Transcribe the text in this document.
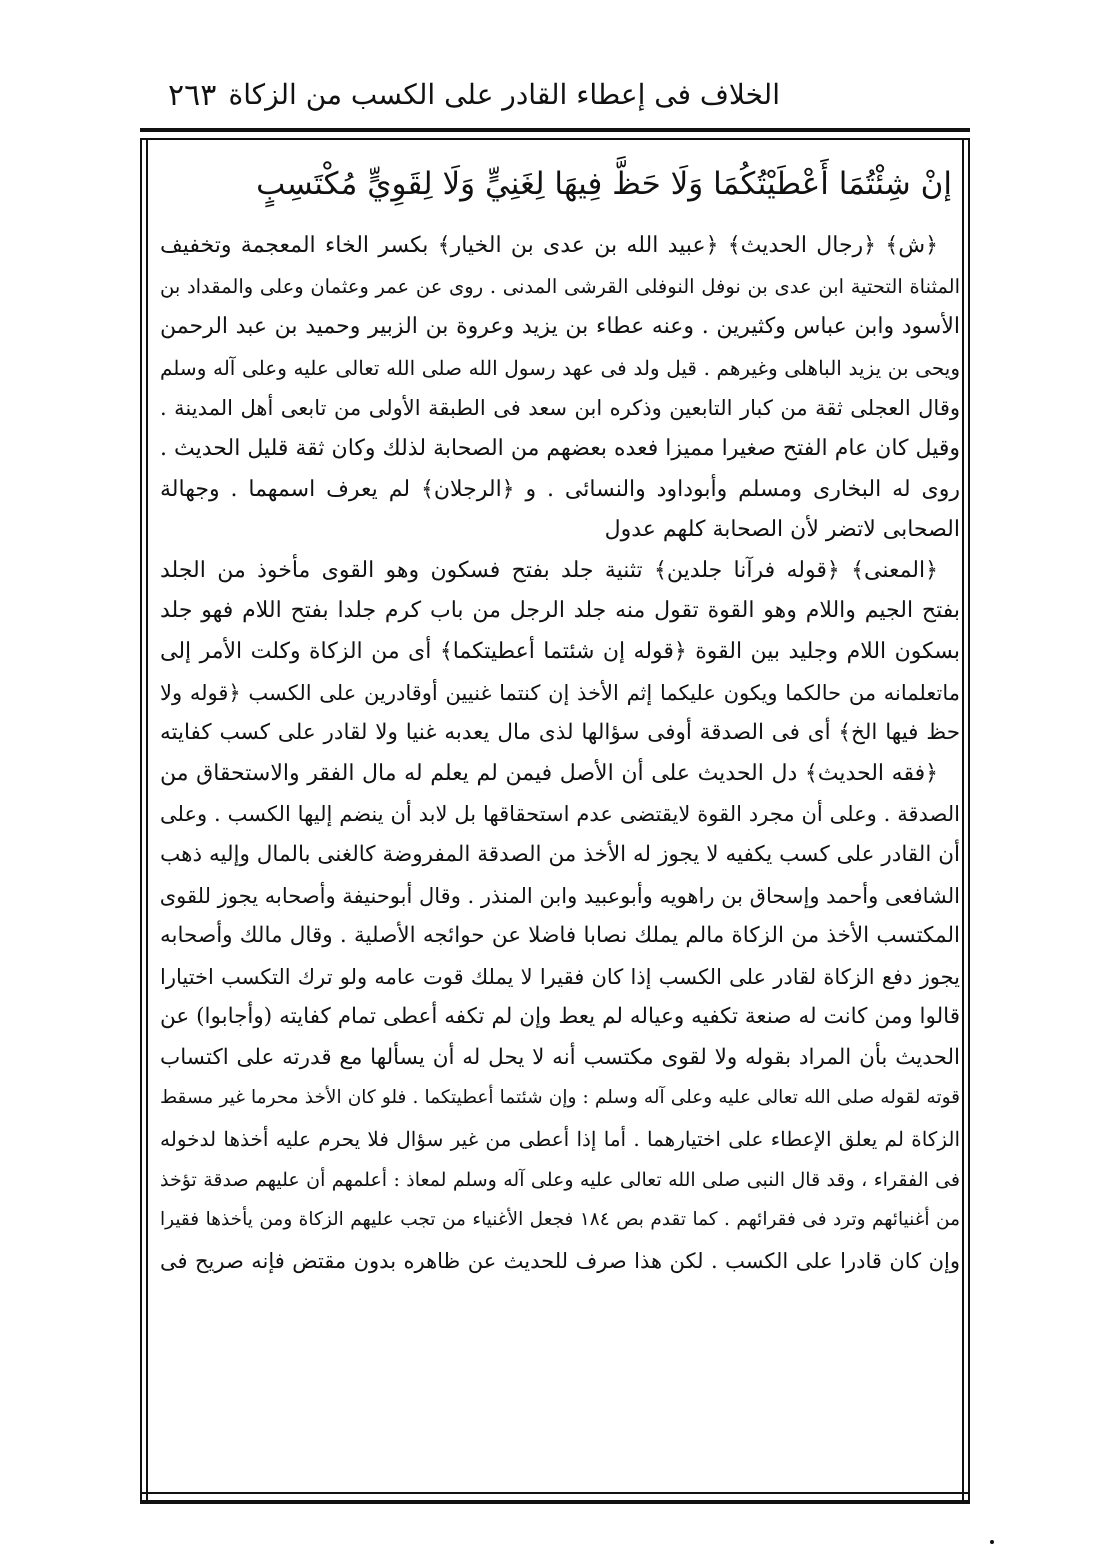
الخلاف فى إعطاء القادر على الكسب من الزكاة
٢٦٣
إنْ شِئْتُمَا أَعْطَيْتُكُمَا وَلَا حَظَّ فِيهَا لِغَنِيٍّ وَلَا لِقَوِيٍّ مُكْتَسِبٍ
﴿ش﴾ ﴿رجال الحديث﴾ ﴿عبيد الله بن عدى بن الخيار﴾ بكسر الخاء المعجمة وتخفيف
المثناة التحتية ابن عدى بن نوفل النوفلى القرشى المدنى . روى عن عمر وعثمان وعلى والمقداد بن
الأسود وابن عباس وكثيرين . وعنه عطاء بن يزيد وعروة بن الزبير وحميد بن عبد الرحمن
ويحى بن يزيد الباهلى وغيرهم . قيل ولد فى عهد رسول الله صلى الله تعالى عليه وعلى آله وسلم
وقال العجلى ثقة من كبار التابعين وذكره ابن سعد فى الطبقة الأولى من تابعى أهل المدينة .
وقيل كان عام الفتح صغيرا مميزا فعده بعضهم من الصحابة لذلك وكان ثقة قليل الحديث .
روى له البخارى ومسلم وأبوداود والنسائى . و ﴿الرجلان﴾ لم يعرف اسمهما . وجهالة
الصحابى لاتضر لأن الصحابة كلهم عدول
﴿المعنى﴾ ﴿قوله فرآنا جلدين﴾ تثنية جلد بفتح فسكون وهو القوى مأخوذ من الجلد
بفتح الجيم واللام وهو القوة تقول منه جلد الرجل من باب كرم جلدا بفتح اللام فهو جلد
بسكون اللام وجليد بين القوة ﴿قوله إن شئتما أعطيتكما﴾ أى من الزكاة وكلت الأمر إلى
ماتعلمانه من حالكما ويكون عليكما إثم الأخذ إن كنتما غنيين أوقادرين على الكسب ﴿قوله ولا
حظ فيها الخ﴾ أى فى الصدقة أوفى سؤالها لذى مال يعدبه غنيا ولا لقادر على كسب كفايته
﴿فقه الحديث﴾ دل الحديث على أن الأصل فيمن لم يعلم له مال الفقر والاستحقاق من
الصدقة . وعلى أن مجرد القوة لايقتضى عدم استحقاقها بل لابد أن ينضم إليها الكسب . وعلى
أن القادر على كسب يكفيه لا يجوز له الأخذ من الصدقة المفروضة كالغنى بالمال وإليه ذهب
الشافعى وأحمد وإسحاق بن راهويه وأبوعبيد وابن المنذر . وقال أبوحنيفة وأصحابه يجوز للقوى
المكتسب الأخذ من الزكاة مالم يملك نصابا فاضلا عن حوائجه الأصلية . وقال مالك وأصحابه
يجوز دفع الزكاة لقادر على الكسب إذا كان فقيرا لا يملك قوت عامه ولو ترك التكسب اختيارا
قالوا ومن كانت له صنعة تكفيه وعياله لم يعط وإن لم تكفه أعطى تمام كفايته (وأجابوا) عن
الحديث بأن المراد بقوله ولا لقوى مكتسب أنه لا يحل له أن يسألها مع قدرته على اكتساب
قوته لقوله صلى الله تعالى عليه وعلى آله وسلم : وإن شئتما أعطيتكما . فلو كان الأخذ محرما غير مسقط
الزكاة لم يعلق الإعطاء على اختيارهما . أما إذا أعطى من غير سؤال فلا يحرم عليه أخذها لدخوله
فى الفقراء ، وقد قال النبى صلى الله تعالى عليه وعلى آله وسلم لمعاذ : أعلمهم أن عليهم صدقة تؤخذ
من أغنيائهم وترد فى فقرائهم . كما تقدم بص ١٨٤ فجعل الأغنياء من تجب عليهم الزكاة ومن يأخذها فقيرا
وإن كان قادرا على الكسب . لكن هذا صرف للحديث عن ظاهره بدون مقتض فإنه صريح فى
